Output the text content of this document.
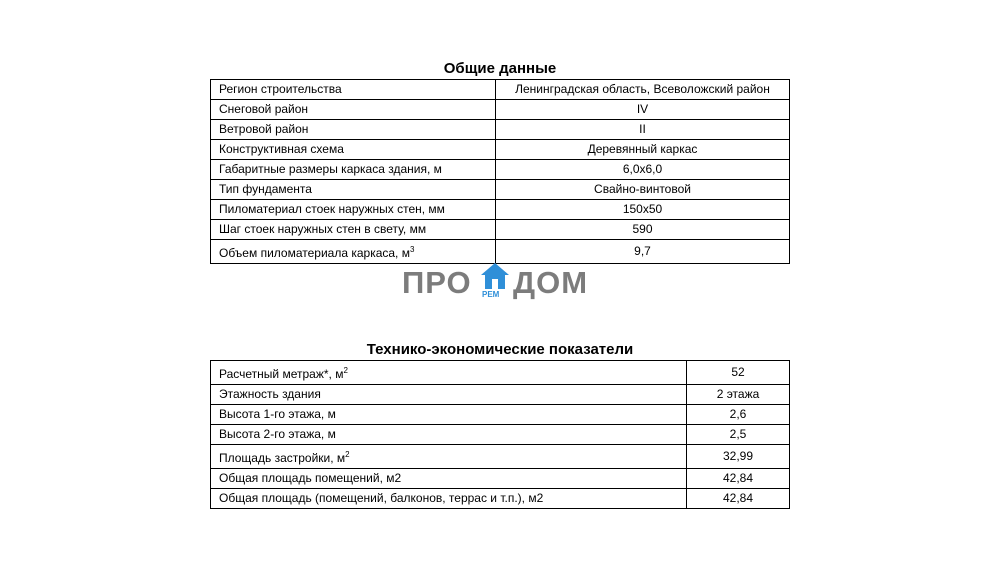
Общие данные
Регион строительства	Ленинградская область, Всеволожский район
Снеговой район	IV
Ветровой район	II
Конструктивная схема	Деревянный каркас
Габаритные размеры каркаса здания, м	6,0х6,0
Тип фундамента	Свайно-винтовой
Пиломатериал стоек наружных стен, мм	150х50
Шаг стоек наружных стен в свету, мм	590
Объем пиломатериала каркаса, $м^3$	9,7
ПРО РЕМ ДОМ
Технико-экономические показатели
Расчетный метраж*, $м^2$	52
Этажность здания	2 этажа
Высота 1-го этажа, м	2,6
Высота 2-го этажа, м	2,5
Площадь застройки, $м^2$	32,99
Общая площадь помещений, м2	42,84
Общая площадь (помещений, балконов, террас и т.п.), м2	42,84
